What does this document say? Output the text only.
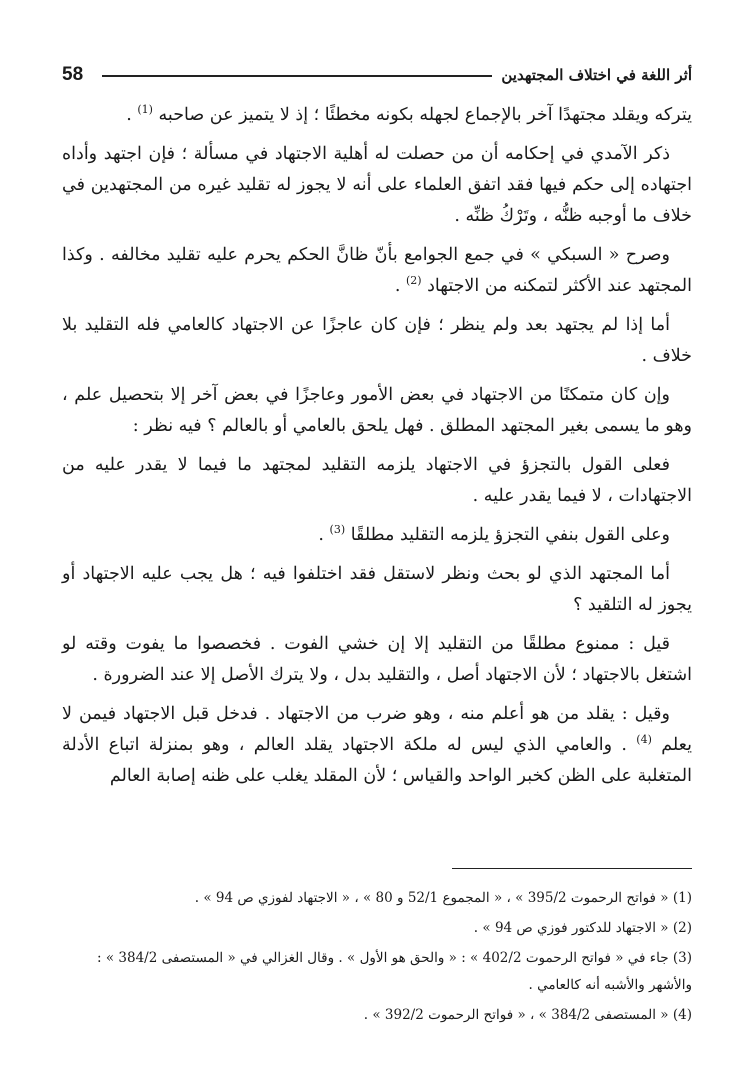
58	أثر اللغة في اختلاف المجتهدين

يتركه ويقلد مجتهدًا آخر بالإجماع لجهله بكونه مخطئًا ؛ إذ لا يتميز عن صاحبه $^{(1)}$ .

ذكر الآمدي في إحكامه أن من حصلت له أهلية الاجتهاد في مسألة ؛ فإن اجتهد وأداه اجتهاده إلى حكم فيها فقد اتفق العلماء على أنه لا يجوز له تقليد غيره من المجتهدين في خلاف ما أوجبه ظنُّه ، وتَرْكُ ظنِّه .

وصرح « السبكي » في جمع الجوامع بأنّ ظانَّ الحكم يحرم عليه تقليد مخالفه . وكذا المجتهد عند الأكثر لتمكنه من الاجتهاد $^{(2)}$ .

أما إذا لم يجتهد بعد ولم ينظر ؛ فإن كان عاجزًا عن الاجتهاد كالعامي فله التقليد بلا خلاف .

وإن كان متمكنًا من الاجتهاد في بعض الأمور وعاجزًا في بعض آخر إلا بتحصيل علم ، وهو ما يسمى بغير المجتهد المطلق . فهل يلحق بالعامي أو بالعالم ؟ فيه نظر :

فعلى القول بالتجزؤ في الاجتهاد يلزمه التقليد لمجتهد ما فيما لا يقدر عليه من الاجتهادات ، لا فيما يقدر عليه .

وعلى القول بنفي التجزؤ يلزمه التقليد مطلقًا $^{(3)}$ .

أما المجتهد الذي لو بحث ونظر لاستقل فقد اختلفوا فيه ؛ هل يجب عليه الاجتهاد أو يجوز له التلقيد ؟

قيل : ممنوع مطلقًا من التقليد إلا إن خشي الفوت . فخصصوا ما يفوت وقته لو اشتغل بالاجتهاد ؛ لأن الاجتهاد أصل ، والتقليد بدل ، ولا يترك الأصل إلا عند الضرورة .

وقيل : يقلد من هو أعلم منه ، وهو ضرب من الاجتهاد . فدخل قبل الاجتهاد فيمن لا يعلم $^{(4)}$ . والعامي الذي ليس له ملكة الاجتهاد يقلد العالم ، وهو بمنزلة اتباع الأدلة المتغلبة على الظن كخبر الواحد والقياس ؛ لأن المقلد يغلب على ظنه إصابة العالم

(1) « فواتح الرحموت 395/2 » ، « المجموع 52/1 و 80 » ، « الاجتهاد لفوزي ص 94 » .

(2) « الاجتهاد للدكتور فوزي ص 94 » .

(3) جاء في « فواتح الرحموت 402/2 » : « والحق هو الأول » . وقال الغزالي في « المستصفى 384/2 » : والأشهر والأشبه أنه كالعامي .

(4) « المستصفى 384/2 » ، « فواتح الرحموت 392/2 » .
